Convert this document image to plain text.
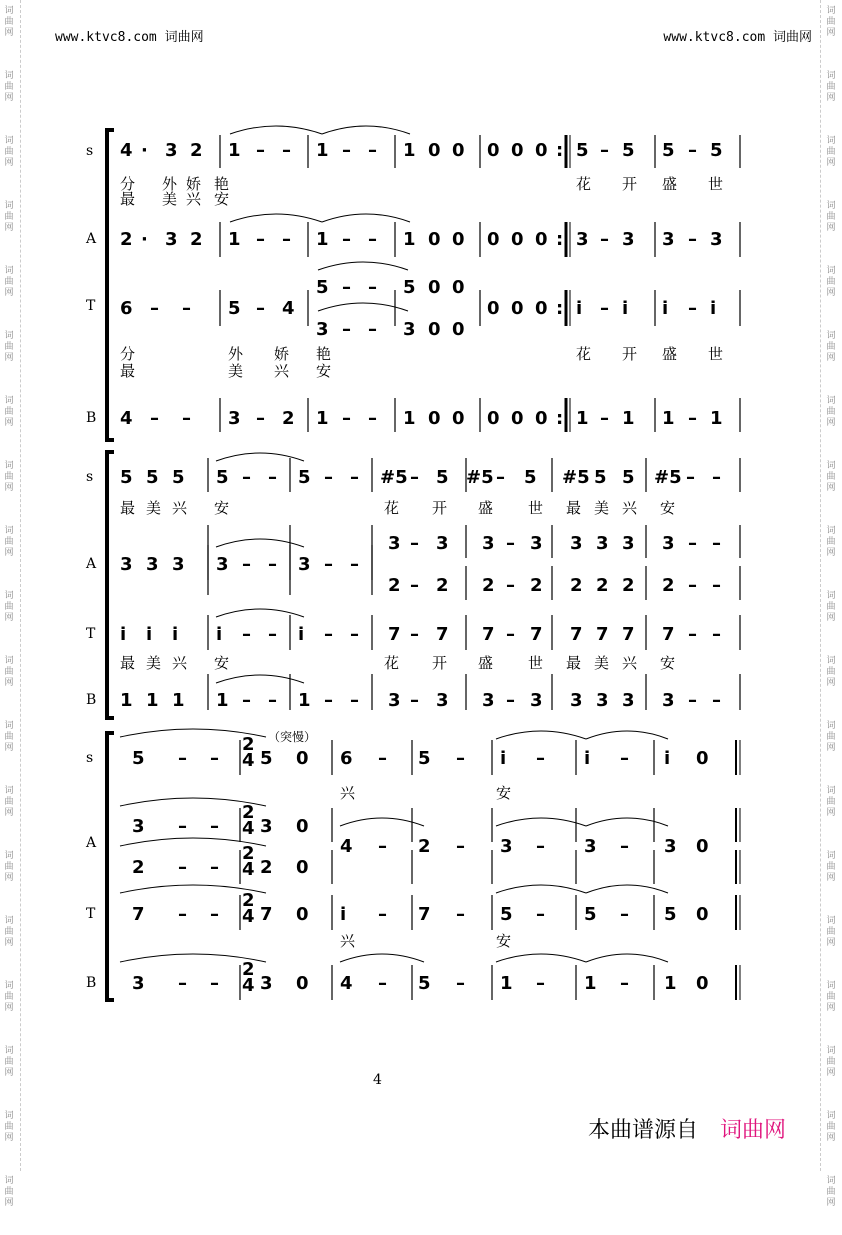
www.ktvc8.com 词曲网	www.ktvc8.com 词曲网
词
曲
网
词
曲
网
词
曲
网
词
曲
网
词
曲
网
词
曲
网
词
曲
网
词
曲
网
词
曲
网
词
曲
网
词
曲
网
词
曲
网
词
曲
网
词
曲
网
词
曲
网
词
曲
网
词
曲
网
词
曲
网
词
曲
网
词
曲
网
词
曲
网
词
曲
网
词
曲
网
词
曲
网
词
曲
网
词
曲
网
词
曲
网
词
曲
网
词
曲
网
词
曲
网
词
曲
网
词
曲
网
词
曲
网
词
曲
网
词
曲
网
词
曲
网
词
曲
网
词
曲
网
s
A
T
B
s
A
T
B
s
A
T
B
4 · 3 2 1 – – 1 – – 1 0 0 0 0 0 : 5 – 5 5 – 5
分 外 娇 艳	花 开 盛 世
最 美 兴 安
2 · 3 2 1 – – 1 – – 1 0 0 0 0 0 : 3 – 3 3 – 3
6 – – 5 – 4
5 – – 5 0 0
3 – – 3 0 0
0 0 0 : i – i i – i
分	外 娇 艳	花 开 盛 世
最	美 兴 安
4 – – 3 – 2 1 – – 1 0 0 0 0 0 : 1 – 1 1 – 1
5 5 5 5 – – 5 – – #5 – 5 #5 – 5 #5 5 5 #5 – –
最 美 兴 安	花 开 盛 世 最 美 兴 安
3 3 3 3 – – 3 – –
3 – 3 3 – 3 3 3 3 3 – –
2 – 2 2 – 2 2 2 2 2 – –
i i i i – – i – – 7 – 7 7 – 7 7 7 7 7 – –
最 美 兴 安	花 开 盛 世 最 美 兴 安
1 1 1 1 – – 1 – – 3 – 3 3 – 3 3 3 3 3 – –
5 – – 5 0 6 – 5 – i – i – i 0
兴	安
3 – – 3 0
2 – – 2 0
4 – 2 – 3 – 3 – 3 0
7 – – 7 0 i – 7 – 5 – 5 – 5 0
兴	安
3 – – 3 0 4 – 5 – 1 – 1 – 1 0
2
4
2
4
2
4
2
4
2
4
（突慢）
4
本曲谱源自 词曲网
